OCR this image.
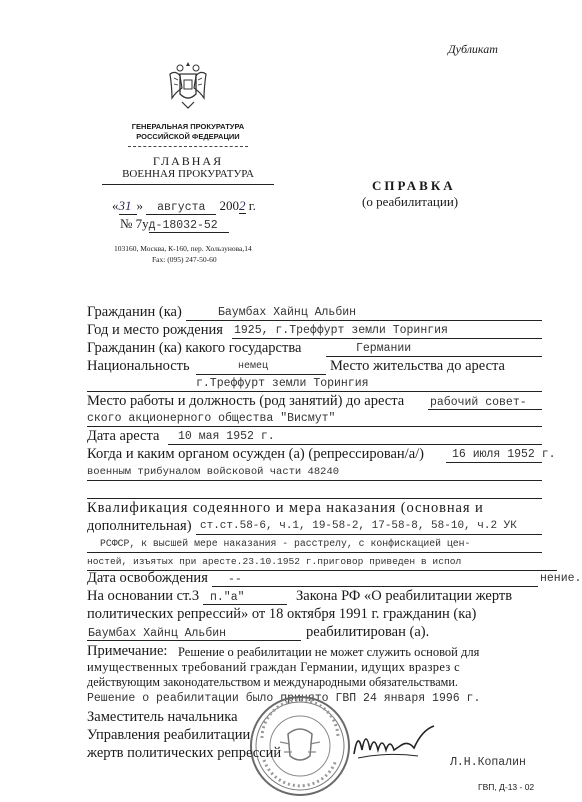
Дубликат
ГЕНЕРАЛЬНАЯ ПРОКУРАТУРА
РОССИЙСКОЙ ФЕДЕРАЦИИ
ГЛАВНАЯ
ВОЕННАЯ ПРОКУРАТУРА
СПРАВКА
(о реабилитации)
«31 » августа 2002 г.
№ 7уд-18032-52
103160, Москва, К-160, пер. Хользунова,14
Fax: (095) 247-50-60
Гражданин (ка)	Баумбах Хайнц Альбин
Год и место рождения 1925, г.Треффурт земли Торингия
Гражданин (ка) какого государства	Германии
Национальность	немец	Место жительства до ареста
г.Треффурт земли Торингия
Место работы и должность (род занятий) до ареста рабочий совет-
ского акционерного общества "Висмут"
Дата ареста 10 мая 1952 г.
Когда и каким органом осужден (а) (репрессирован/а/) 16 июля 1952 г.
военным трибуналом войсковой части 48240
Квалификация содеянного и мера наказания (основная и
дополнительная) ст.ст.58-6, ч.1, 19-58-2, 17-58-8, 58-10, ч.2 УК
РСФСР, к высшей мере наказания - расстрелу, с конфискацией цен-
ностей, изъятых при аресте.23.10.1952 г.приговор приведен в испол
Дата освобождения --	нение.
На основании ст.3 п."а"	Закона РФ «О реабилитации жертв
политических репрессий» от 18 октября 1991 г. гражданин (ка)
Баумбах Хайнц Альбин	реабилитирован (а).
Примечание: Решение о реабилитации не может служить основой для
имущественных требований граждан Германии, идущих вразрез с
действующим законодательством и международными обязательствами.
Решение о реабилитации было принято ГВП 24 января 1996 г.
Заместитель начальника
Управления реабилитации
жертв политических репрессий
Л.Н.Копалин
ГВП, Д-13 - 02
